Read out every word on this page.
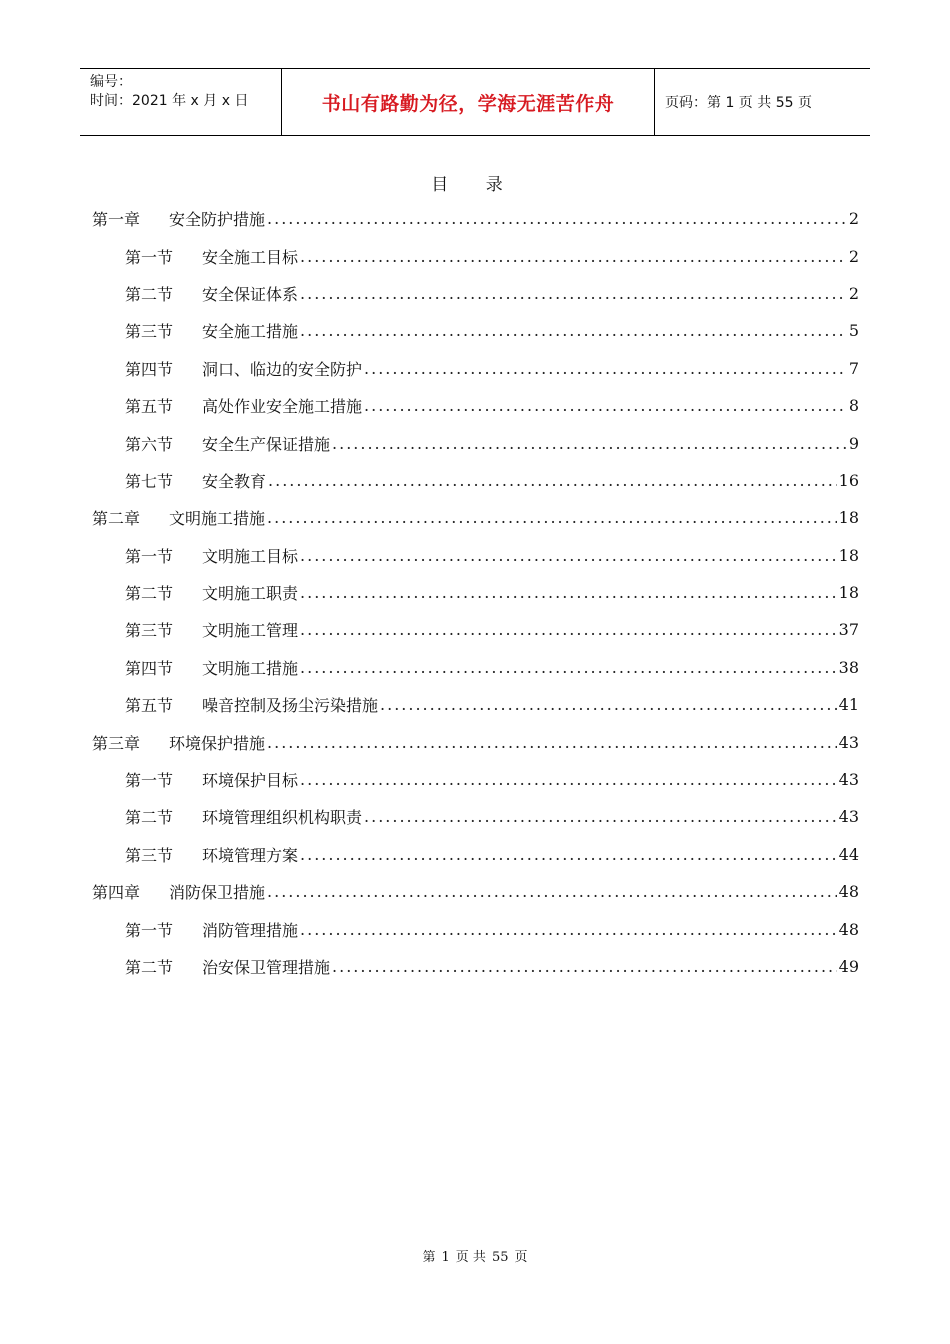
编号：
时间：2021 年 x 月 x 日	书山有路勤为径，学海无涯苦作舟	页码：第 1 页 共 55 页
目 录
第一章	安全防护措施 .....	2
第一节	安全施工目标 .....	2
第二节	安全保证体系 .....	2
第三节	安全施工措施 .....	5
第四节	洞口、临边的安全防护 .....	7
第五节	高处作业安全施工措施 .....	8
第六节	安全生产保证措施 .....	9
第七节	安全教育 .....	16
第二章	文明施工措施 .....	18
第一节	文明施工目标 .....	18
第二节	文明施工职责 .....	18
第三节	文明施工管理 .....	37
第四节	文明施工措施 .....	38
第五节	噪音控制及扬尘污染措施 .....	41
第三章	环境保护措施 .....	43
第一节	环境保护目标 .....	43
第二节	环境管理组织机构职责 .....	43
第三节	环境管理方案 .....	44
第四章	消防保卫措施 .....	48
第一节	消防管理措施 .....	48
第二节	治安保卫管理措施 .....	49
第 1 页 共 55 页
